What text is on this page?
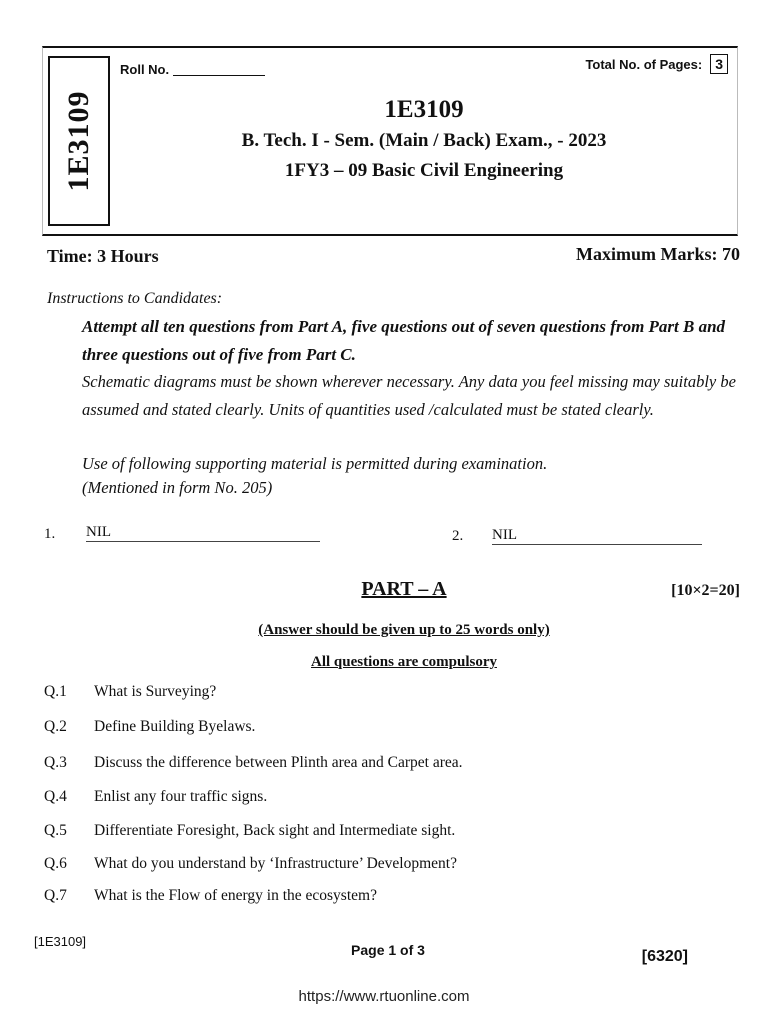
1E3109
Roll No.	Total No. of Pages: 3
1E3109
B. Tech. I - Sem. (Main / Back) Exam., - 2023
1FY3 – 09 Basic Civil Engineering
Time: 3 Hours	Maximum Marks: 70
Instructions to Candidates:
Attempt all ten questions from Part A, five questions out of seven questions from Part B and three questions out of five from Part C.
Schematic diagrams must be shown wherever necessary. Any data you feel missing may suitably be assumed and stated clearly. Units of quantities used /calculated must be stated clearly.
Use of following supporting material is permitted during examination.
(Mentioned in form No. 205)
1. NIL	2. NIL
PART – A	[10×2=20]
(Answer should be given up to 25 words only)
All questions are compulsory
Q.1 What is Surveying?
Q.2 Define Building Byelaws.
Q.3 Discuss the difference between Plinth area and Carpet area.
Q.4 Enlist any four traffic signs.
Q.5 Differentiate Foresight, Back sight and Intermediate sight.
Q.6 What do you understand by ‘Infrastructure’ Development?
Q.7 What is the Flow of energy in the ecosystem?
[1E3109]
Page 1 of 3	[6320]
https://www.rtuonline.com
